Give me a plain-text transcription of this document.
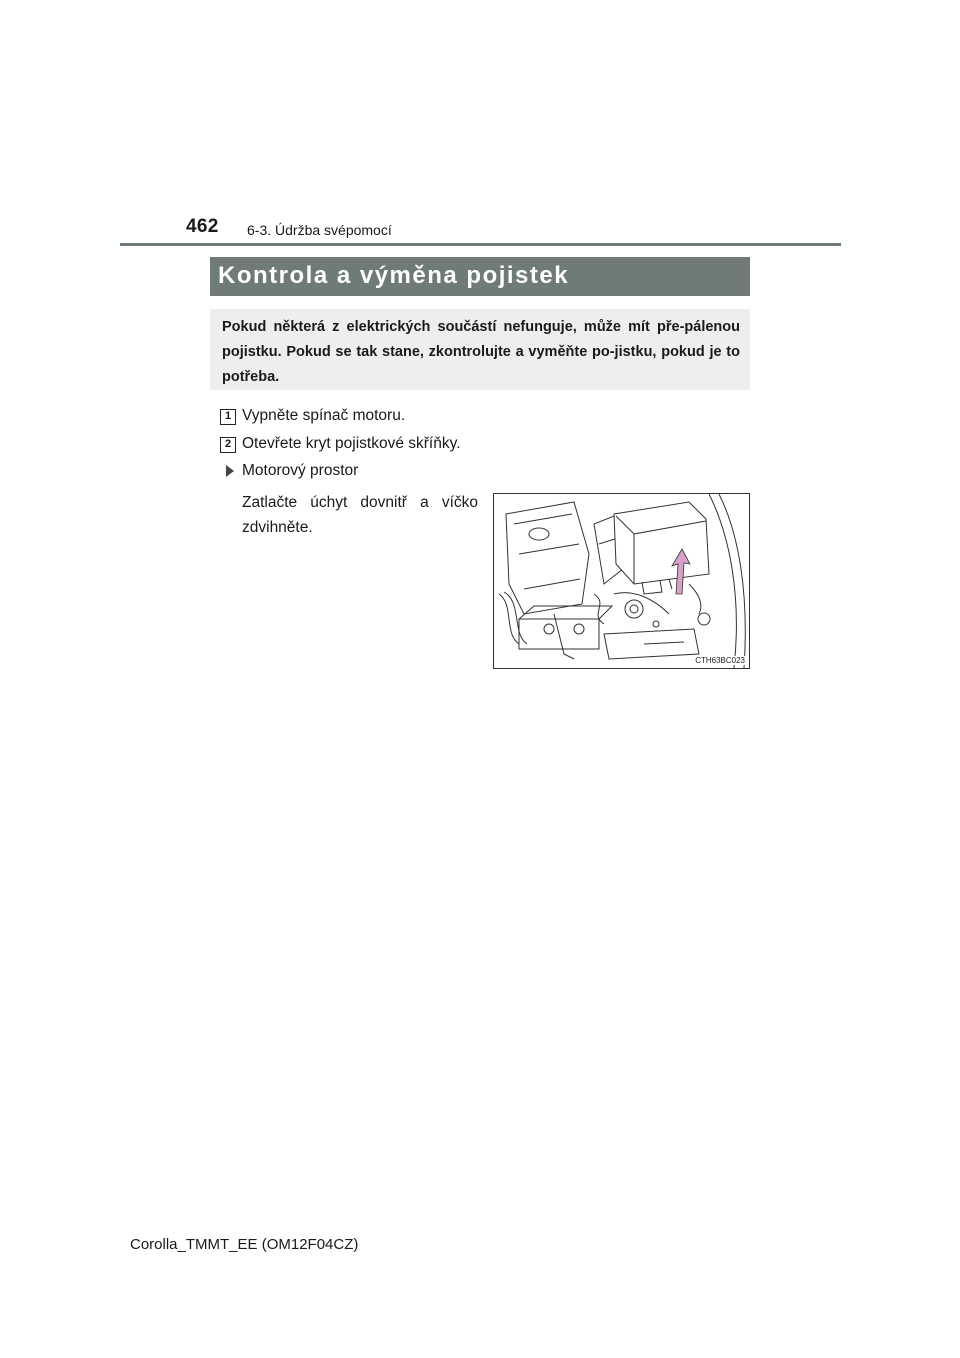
462 6-3. Údržba svépomocí
Kontrola a výměna pojistek
Pokud některá z elektrických součástí nefunguje, může mít pře-pálenou pojistku. Pokud se tak stane, zkontrolujte a vyměňte po-jistku, pokud je to potřeba.
1 Vypněte spínač motoru.
2 Otevřete kryt pojistkové skříňky.
Motorový prostor
Zatlačte úchyt dovnitř a víčko zdvihněte.
CTH63BC023
Corolla_TMMT_EE (OM12F04CZ)
